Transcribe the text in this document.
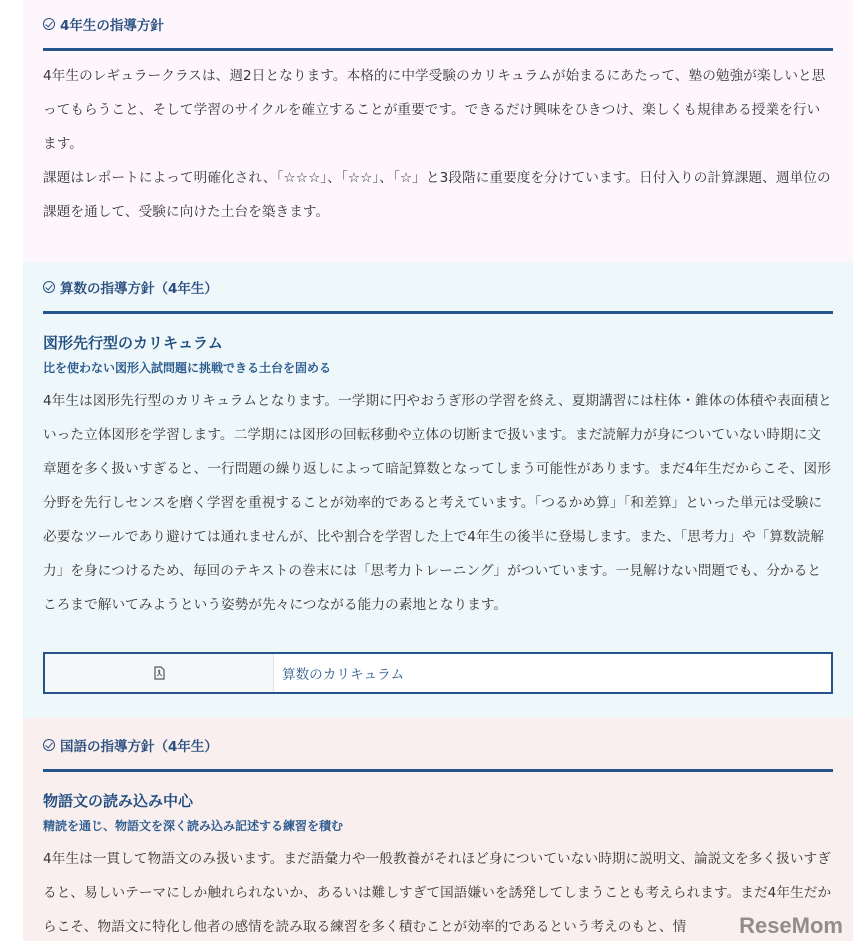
4年生の指導方針

4年生のレギュラークラスは、週2日となります。本格的に中学受験のカリキュラムが始まるにあたって、塾の勉強が楽しいと思ってもらうこと、そして学習のサイクルを確立することが重要です。できるだけ興味をひきつけ、楽しくも規律ある授業を行います。

課題はレポートによって明確化され、「☆☆☆」、「☆☆」、「☆」と3段階に重要度を分けています。日付入りの計算課題、週単位の課題を通して、受験に向けた土台を築きます。

算数の指導方針（4年生）
図形先行型のカリキュラム
比を使わない図形入試問題に挑戦できる土台を固める

4年生は図形先行型のカリキュラムとなります。一学期に円やおうぎ形の学習を終え、夏期講習には柱体・錐体の体積や表面積といった立体図形を学習します。二学期には図形の回転移動や立体の切断まで扱います。まだ読解力が身についていない時期に文章題を多く扱いすぎると、一行問題の繰り返しによって暗記算数となってしまう可能性があります。まだ4年生だからこそ、図形分野を先行しセンスを磨く学習を重視することが効率的であると考えています。「つるかめ算」「和差算」といった単元は受験に必要なツールであり避けては通れませんが、比や割合を学習した上で4年生の後半に登場します。また、「思考力」や「算数読解力」を身につけるため、毎回のテキストの巻末には「思考力トレーニング」がついています。一見解けない問題でも、分かるところまで解いてみようという姿勢が先々につながる能力の素地となります。

算数のカリキュラム
国語の指導方針（4年生）
物語文の読み込み中心
精読を通じ、物語文を深く読み込み記述する練習を積む

4年生は一貫して物語文のみ扱います。まだ語彙力や一般教養がそれほど身についていない時期に説明文、論説文を多く扱いすぎると、易しいテーマにしか触れられないか、あるいは難しすぎて国語嫌いを誘発してしまうことも考えられます。まだ4年生だからこそ、物語文に特化し他者の感情を読み取る練習を多く積むことが効率的であるという考えのもと、情	ReseMom
